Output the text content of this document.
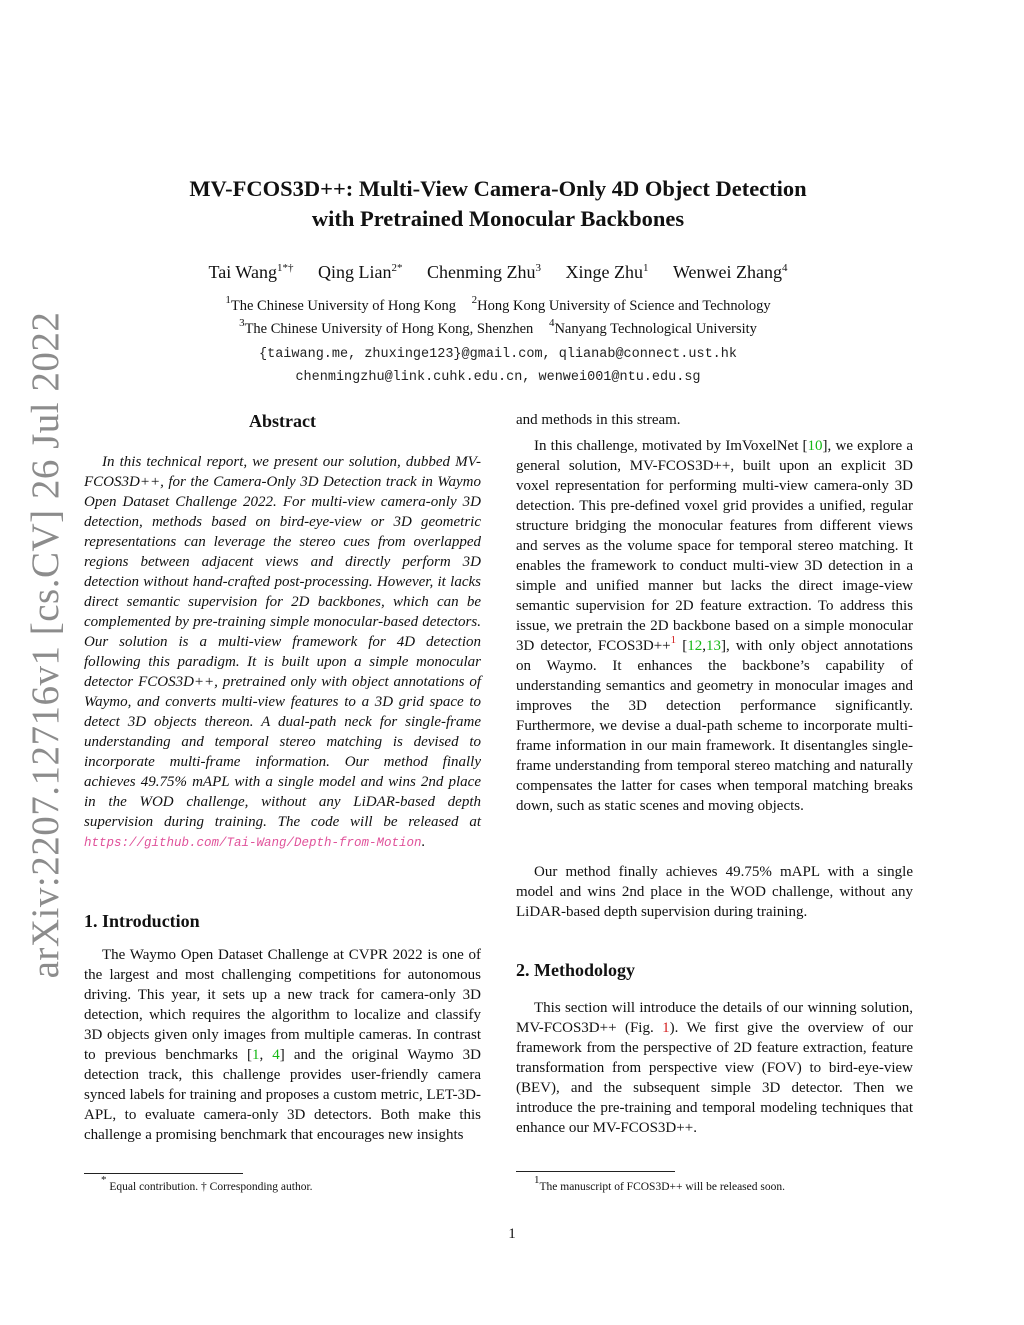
arXiv:2207.12716v1 [cs.CV] 26 Jul 2022
MV-FCOS3D++: Multi-View Camera-Only 4D Object Detection
with Pretrained Monocular Backbones
Tai Wang$^{1*\dagger}$ Qing Lian$^{2*}$ Chenming Zhu$^3$ Xinge Zhu$^1$ Wenwei Zhang$^4$
$^1$The Chinese University of Hong Kong $^2$Hong Kong University of Science and Technology
$^3$The Chinese University of Hong Kong, Shenzhen $^4$Nanyang Technological University
{taiwang.me, zhuxinge123}@gmail.com, qlianab@connect.ust.hk
chenmingzhu@link.cuhk.edu.cn, wenwei001@ntu.edu.sg
Abstract

In this technical report, we present our solution, dubbed MV-FCOS3D++, for the Camera-Only 3D Detection track in Waymo Open Dataset Challenge 2022. For multi-view camera-only 3D detection, methods based on bird-eye-view or 3D geometric representations can leverage the stereo cues from overlapped regions between adjacent views and directly perform 3D detection without hand-crafted post-processing. However, it lacks direct semantic supervision for 2D backbones, which can be complemented by pre-training simple monocular-based detectors. Our solution is a multi-view framework for 4D detection following this paradigm. It is built upon a simple monocular detector FCOS3D++, pretrained only with object annotations of Waymo, and converts multi-view features to a 3D grid space to detect 3D objects thereon. A dual-path neck for single-frame understanding and temporal stereo matching is devised to incorporate multi-frame information. Our method finally achieves 49.75% mAPL with a single model and wins 2nd place in the WOD challenge, without any LiDAR-based depth supervision during training. The code will be released at https://github.com/Tai-Wang/Depth-from-Motion.

1. Introduction

The Waymo Open Dataset Challenge at CVPR 2022 is one of the largest and most challenging competitions for autonomous driving. This year, it sets up a new track for camera-only 3D detection, which requires the algorithm to localize and classify 3D objects given only images from multiple cameras. In contrast to previous benchmarks [1, 4] and the original Waymo 3D detection track, this challenge provides user-friendly camera synced labels for training and proposes a custom metric, LET-3D-APL, to evaluate camera-only 3D detectors. Both make this challenge a promising benchmark that encourages new insights

and methods in this stream.

In this challenge, motivated by ImVoxelNet [10], we explore a general solution, MV-FCOS3D++, built upon an explicit 3D voxel representation for performing multi-view camera-only 3D detection. This pre-defined voxel grid provides a unified, regular structure bridging the monocular features from different views and serves as the volume space for temporal stereo matching. It enables the framework to conduct multi-view 3D detection in a simple and unified manner but lacks the direct image-view semantic supervision for 2D feature extraction. To address this issue, we pretrain the 2D backbone based on a simple monocular 3D detector, FCOS3D++$^1$ [12,13], with only object annotations on Waymo. It enhances the backbone’s capability of understanding semantics and geometry in monocular images and improves the 3D detection performance significantly. Furthermore, we devise a dual-path scheme to incorporate multi-frame information in our main framework. It disentangles single-frame understanding from temporal stereo matching and naturally compensates the latter for cases when temporal matching breaks down, such as static scenes and moving objects.

Our method finally achieves 49.75% mAPL with a single model and wins 2nd place in the WOD challenge, without any LiDAR-based depth supervision during training.

2. Methodology

This section will introduce the details of our winning solution, MV-FCOS3D++ (Fig. 1). We first give the overview of our framework from the perspective of 2D feature extraction, feature transformation from perspective view (FOV) to bird-eye-view (BEV), and the subsequent simple 3D detector. Then we introduce the pre-training and temporal modeling techniques that enhance our MV-FCOS3D++.

* Equal contribution. † Corresponding author.
$^1$The manuscript of FCOS3D++ will be released soon.
1
